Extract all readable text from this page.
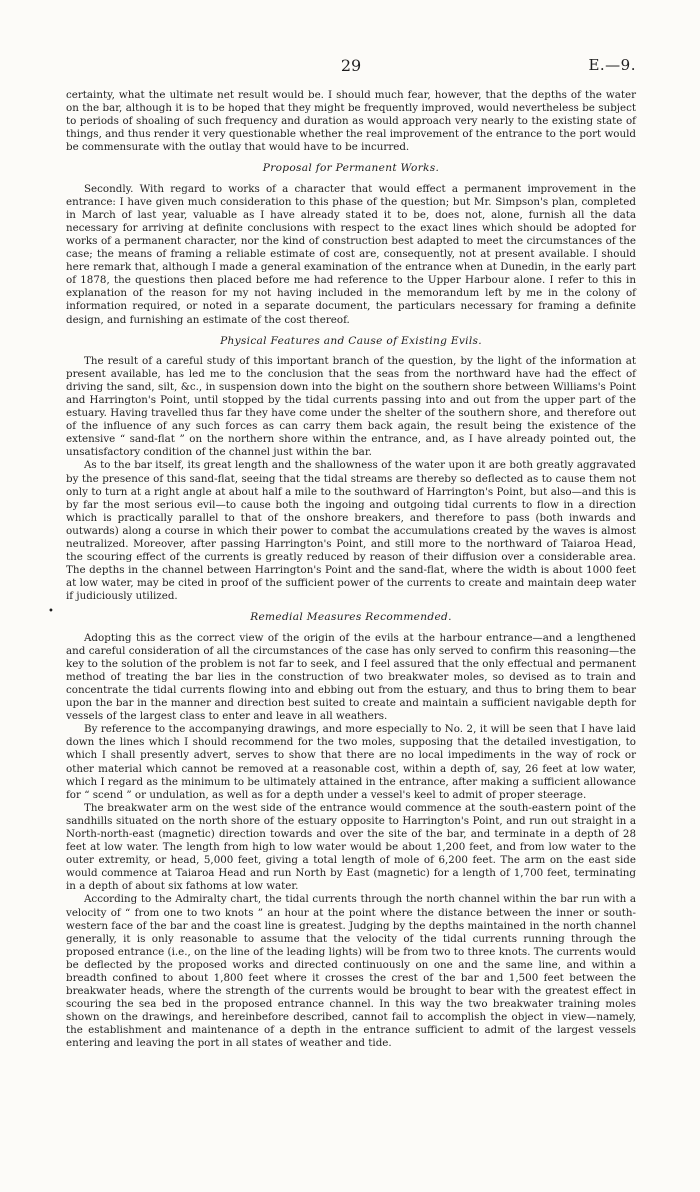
29	E.—9.
•

certainty, what the ultimate net result would be. I should much fear, however, that the depths of the water on the bar, although it is to be hoped that they might be frequently improved, would nevertheless be subject to periods of shoaling of such frequency and duration as would approach very nearly to the existing state of things, and thus render it very questionable whether the real improvement of the entrance to the port would be commensurate with the outlay that would have to be incurred.

Proposal for Permanent Works.

Secondly. With regard to works of a character that would effect a permanent improvement in the entrance: I have given much consideration to this phase of the question; but Mr. Simpson's plan, completed in March of last year, valuable as I have already stated it to be, does not, alone, furnish all the data necessary for arriving at definite conclusions with respect to the exact lines which should be adopted for works of a permanent character, nor the kind of construction best adapted to meet the circumstances of the case; the means of framing a reliable estimate of cost are, consequently, not at present available. I should here remark that, although I made a general examination of the entrance when at Dunedin, in the early part of 1878, the questions then placed before me had reference to the Upper Harbour alone. I refer to this in explanation of the reason for my not having included in the memorandum left by me in the colony of information required, or noted in a separate document, the particulars necessary for framing a definite design, and furnishing an estimate of the cost thereof.

Physical Features and Cause of Existing Evils.

The result of a careful study of this important branch of the question, by the light of the information at present available, has led me to the conclusion that the seas from the northward have had the effect of driving the sand, silt, &c., in suspension down into the bight on the southern shore between Williams's Point and Harrington's Point, until stopped by the tidal currents passing into and out from the upper part of the estuary. Having travelled thus far they have come under the shelter of the southern shore, and therefore out of the influence of any such forces as can carry them back again, the result being the existence of the extensive “ sand-flat ” on the northern shore within the entrance, and, as I have already pointed out, the unsatisfactory condition of the channel just within the bar.

As to the bar itself, its great length and the shallowness of the water upon it are both greatly aggravated by the presence of this sand-flat, seeing that the tidal streams are thereby so deflected as to cause them not only to turn at a right angle at about half a mile to the southward of Harrington's Point, but also—and this is by far the most serious evil—to cause both the ingoing and outgoing tidal currents to flow in a direction which is practically parallel to that of the onshore breakers, and therefore to pass (both inwards and outwards) along a course in which their power to combat the accumulations created by the waves is almost neutralized. Moreover, after passing Harrington's Point, and still more to the northward of Taiaroa Head, the scouring effect of the currents is greatly reduced by reason of their diffusion over a considerable area. The depths in the channel between Harrington's Point and the sand-flat, where the width is about 1000 feet at low water, may be cited in proof of the sufficient power of the currents to create and maintain deep water if judiciously utilized.

Remedial Measures Recommended.

Adopting this as the correct view of the origin of the evils at the harbour entrance—and a lengthened and careful consideration of all the circumstances of the case has only served to confirm this reasoning—the key to the solution of the problem is not far to seek, and I feel assured that the only effectual and permanent method of treating the bar lies in the construction of two breakwater moles, so devised as to train and concentrate the tidal currents flowing into and ebbing out from the estuary, and thus to bring them to bear upon the bar in the manner and direction best suited to create and maintain a sufficient navigable depth for vessels of the largest class to enter and leave in all weathers.

By reference to the accompanying drawings, and more especially to No. 2, it will be seen that I have laid down the lines which I should recommend for the two moles, supposing that the detailed investigation, to which I shall presently advert, serves to show that there are no local impediments in the way of rock or other material which cannot be removed at a reasonable cost, within a depth of, say, 26 feet at low water, which I regard as the minimum to be ultimately attained in the entrance, after making a sufficient allowance for “ scend ” or undulation, as well as for a depth under a vessel's keel to admit of proper steerage.

The breakwater arm on the west side of the entrance would commence at the south-eastern point of the sandhills situated on the north shore of the estuary opposite to Harrington's Point, and run out straight in a North-north-east (magnetic) direction towards and over the site of the bar, and terminate in a depth of 28 feet at low water. The length from high to low water would be about 1,200 feet, and from low water to the outer extremity, or head, 5,000 feet, giving a total length of mole of 6,200 feet. The arm on the east side would commence at Taiaroa Head and run North by East (magnetic) for a length of 1,700 feet, terminating in a depth of about six fathoms at low water.

According to the Admiralty chart, the tidal currents through the north channel within the bar run with a velocity of “ from one to two knots ” an hour at the point where the distance between the inner or south-western face of the bar and the coast line is greatest. Judging by the depths maintained in the north channel generally, it is only reasonable to assume that the velocity of the tidal currents running through the proposed entrance (i.e., on the line of the leading lights) will be from two to three knots. The currents would be deflected by the proposed works and directed continuously on one and the same line, and within a breadth confined to about 1,800 feet where it crosses the crest of the bar and 1,500 feet between the breakwater heads, where the strength of the currents would be brought to bear with the greatest effect in scouring the sea bed in the proposed entrance channel. In this way the two breakwater training moles shown on the drawings, and hereinbefore described, cannot fail to accomplish the object in view—namely, the establishment and maintenance of a depth in the entrance sufficient to admit of the largest vessels entering and leaving the port in all states of weather and tide.
